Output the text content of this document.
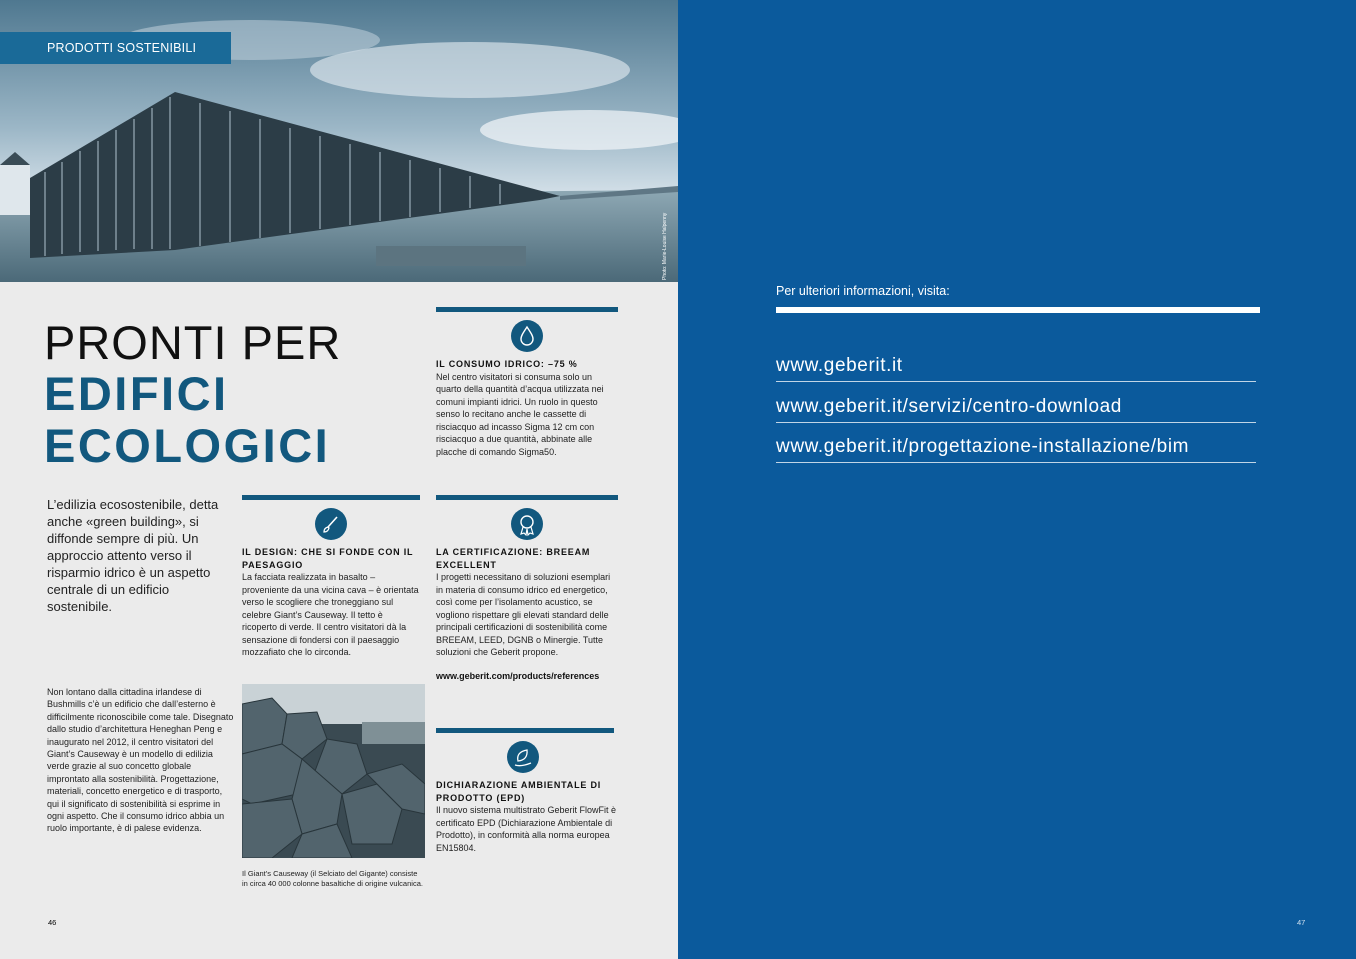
PRODOTTI SOSTENIBILI
Photo: Marie-Louise Halpenny
PRONTI PER
EDIFICI
ECOLOGICI
L’edilizia ecosostenibile, detta anche «green building», si diffonde sempre di più. Un approccio attento verso il risparmio idrico è un aspetto centrale di un edificio sostenibile.
Non lontano dalla cittadina irlandese di Bushmills c’è un edificio che dall’esterno è difficilmente riconoscibile come tale. Disegnato dallo studio d’architettura Heneghan Peng e inaugurato nel 2012, il centro visitatori del Giant’s Causeway è un modello di edilizia verde grazie al suo concetto globale improntato alla sostenibilità. Progettazione, materiali, concetto energetico e di trasporto, qui il significato di sostenibilità si esprime in ogni aspetto. Che il consumo idrico abbia un ruolo importante, è di palese evidenza.
IL CONSUMO IDRICO: –75 %
Nel centro visitatori si consuma solo un quarto della quantità d’acqua utilizzata nei comuni impianti idrici. Un ruolo in questo senso lo recitano anche le cassette di risciacquo ad incasso Sigma 12 cm con risciacquo a due quantità, abbinate alle placche di comando Sigma50.
IL DESIGN: CHE SI FONDE CON IL PAESAGGIO
La facciata realizzata in basalto – proveniente da una vicina cava – è orientata verso le scogliere che troneggiano sul celebre Giant’s Causeway. Il tetto è ricoperto di verde. Il centro visitatori dà la sensazione di fondersi con il paesaggio mozzafiato che lo circonda.
LA CERTIFICAZIONE: BREEAM EXCELLENT
I progetti necessitano di soluzioni esemplari in materia di consumo idrico ed energetico, così come per l’isolamento acustico, se vogliono rispettare gli elevati standard delle principali certificazioni di sostenibilità come BREEAM, LEED, DGNB o Minergie. Tutte soluzioni che Geberit propone.
www.geberit.com/products/references
DICHIARAZIONE AMBIENTALE DI PRODOTTO (EPD)
Il nuovo sistema multistrato Geberit FlowFit è certificato EPD (Dichiarazione Ambientale di Prodotto), in conformità alla norma europea EN15804.
Il Giant’s Causeway (il Selciato del Gigante) consiste in circa 40 000 colonne basaltiche di origine vulcanica.
46
Per ulteriori informazioni, visita:
www.geberit.it
www.geberit.it/servizi/centro-download
www.geberit.it/progettazione-installazione/bim
47
